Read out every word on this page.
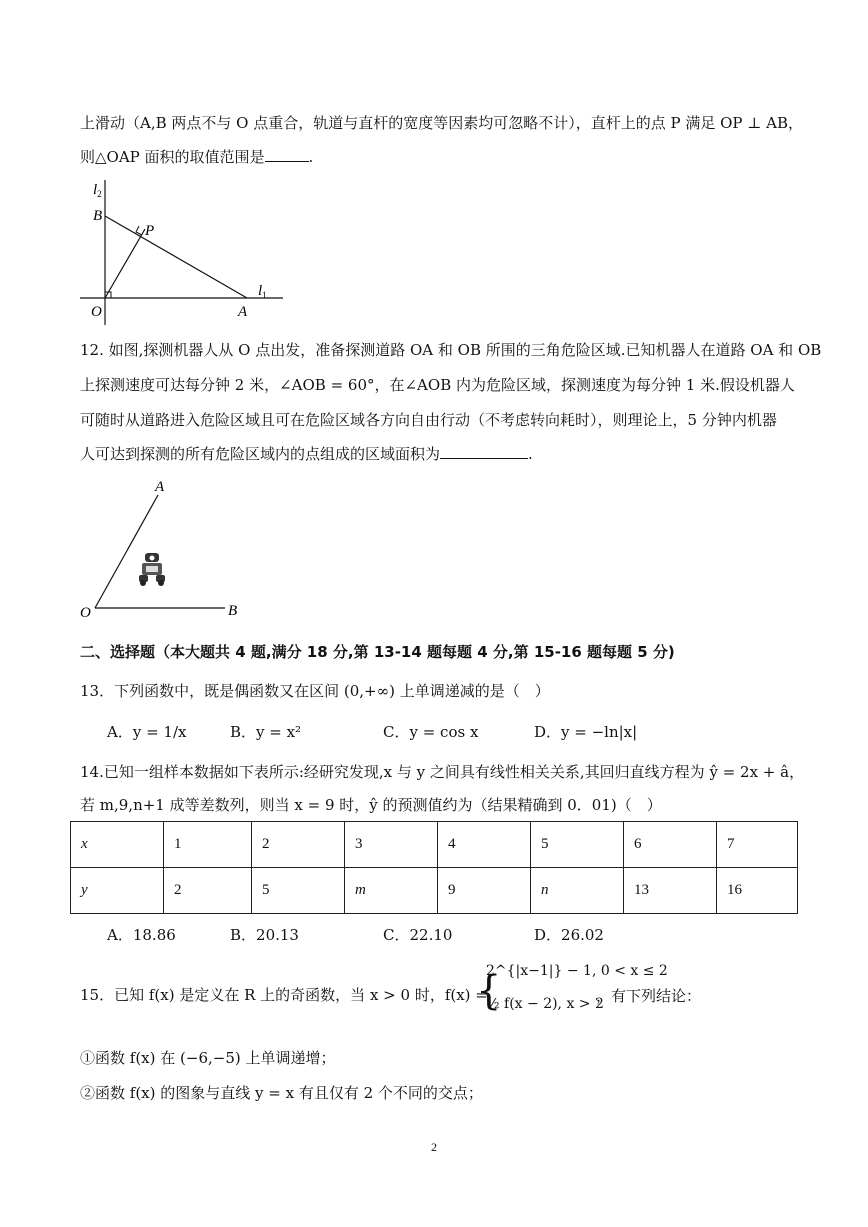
上滑动（A,B 两点不与 O 点重合，轨道与直杆的宽度等因素均可忽略不计），直杆上的点 P 满足 OP ⊥ AB，
则△OAP 面积的取值范围是	.
$l_2$
B
P
O	A
$l_1$
12. 如图,探测机器人从 O 点出发，准备探测道路 OA 和 OB 所围的三角危险区域.已知机器人在道路 OA 和 OB
上探测速度可达每分钟 2 米，∠AOB = 60°，在∠AOB 内为危险区域，探测速度为每分钟 1 米.假设机器人
可随时从道路进入危险区域且可在危险区域各方向自由行动（不考虑转向耗时），则理论上，5 分钟内机器
人可达到探测的所有危险区域内的点组成的区域面积为	.
A
O	B
二、选择题（本大题共 4 题,满分 18 分,第 13-14 题每题 4 分,第 15-16 题每题 5 分)
13．下列函数中，既是偶函数又在区间 (0,+∞) 上单调递减的是（　）
A．y = 1/x	B．y = x²	C．y = cos x	D．y = −ln|x|
14.已知一组样本数据如下表所示:经研究发现,x 与 y 之间具有线性相关关系,其回归直线方程为 ŷ = 2x + â，
若 m,9,n+1 成等差数列，则当 x = 9 时，ŷ 的预测值约为（结果精确到 0．01)（　）
x	1	2	3	4	5	6	7
y	2	5	m	9	n	13	16
A．18.86	B．20.13	C．22.10	D．26.02
15．已知 f(x) 是定义在 R 上的奇函数，当 x > 0 时，f(x) =
{
2^{|x−1|} − 1, 0 < x ≤ 2
½ f(x − 2), x > 2
，有下列结论：
①函数 f(x) 在 (−6,−5) 上单调递增；
②函数 f(x) 的图象与直线 y = x 有且仅有 2 个不同的交点；
2
